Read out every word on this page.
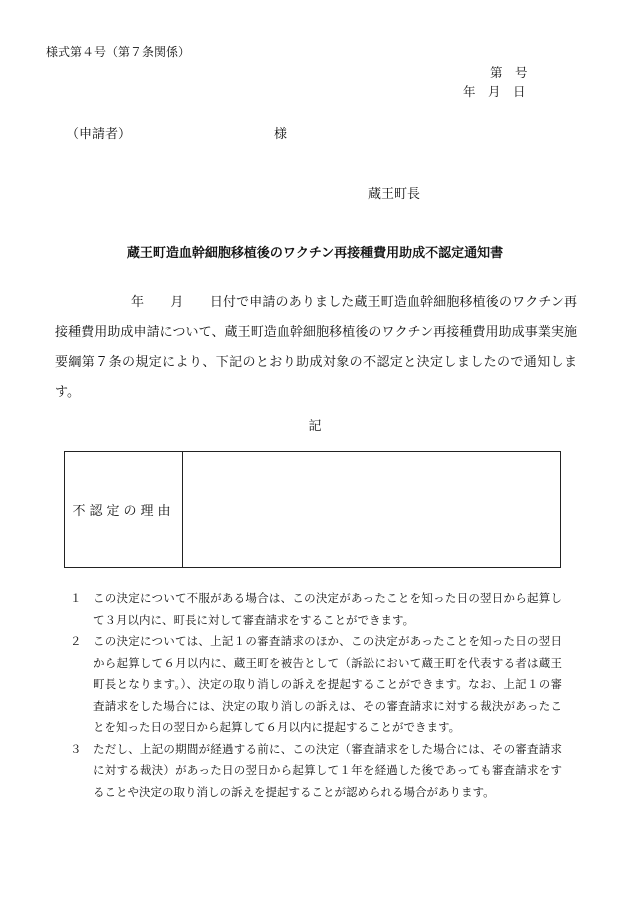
様式第４号（第７条関係）
第　号
年　月　日
（申請者）	様
蔵王町長
蔵王町造血幹細胞移植後のワクチン再接種費用助成不認定通知書

年　　月　　日付で申請のありました蔵王町造血幹細胞移植後のワクチン再接種費用助成申請について、蔵王町造血幹細胞移植後のワクチン再接種費用助成事業実施要綱第７条の規定により、下記のとおり助成対象の不認定と決定しましたので通知します。

記
不認定の理由	
１	この決定について不服がある場合は、この決定があったことを知った日の翌日から起算して３月以内に、町長に対して審査請求をすることができます。
２	この決定については、上記１の審査請求のほか、この決定があったことを知った日の翌日から起算して６月以内に、蔵王町を被告として（訴訟において蔵王町を代表する者は蔵王町長となります。）、決定の取り消しの訴えを提起することができます。なお、上記１の審査請求をした場合には、決定の取り消しの訴えは、その審査請求に対する裁決があったことを知った日の翌日から起算して６月以内に提起することができます。
３	ただし、上記の期間が経過する前に、この決定（審査請求をした場合には、その審査請求に対する裁決）があった日の翌日から起算して１年を経過した後であっても審査請求をすることや決定の取り消しの訴えを提起することが認められる場合があります。
